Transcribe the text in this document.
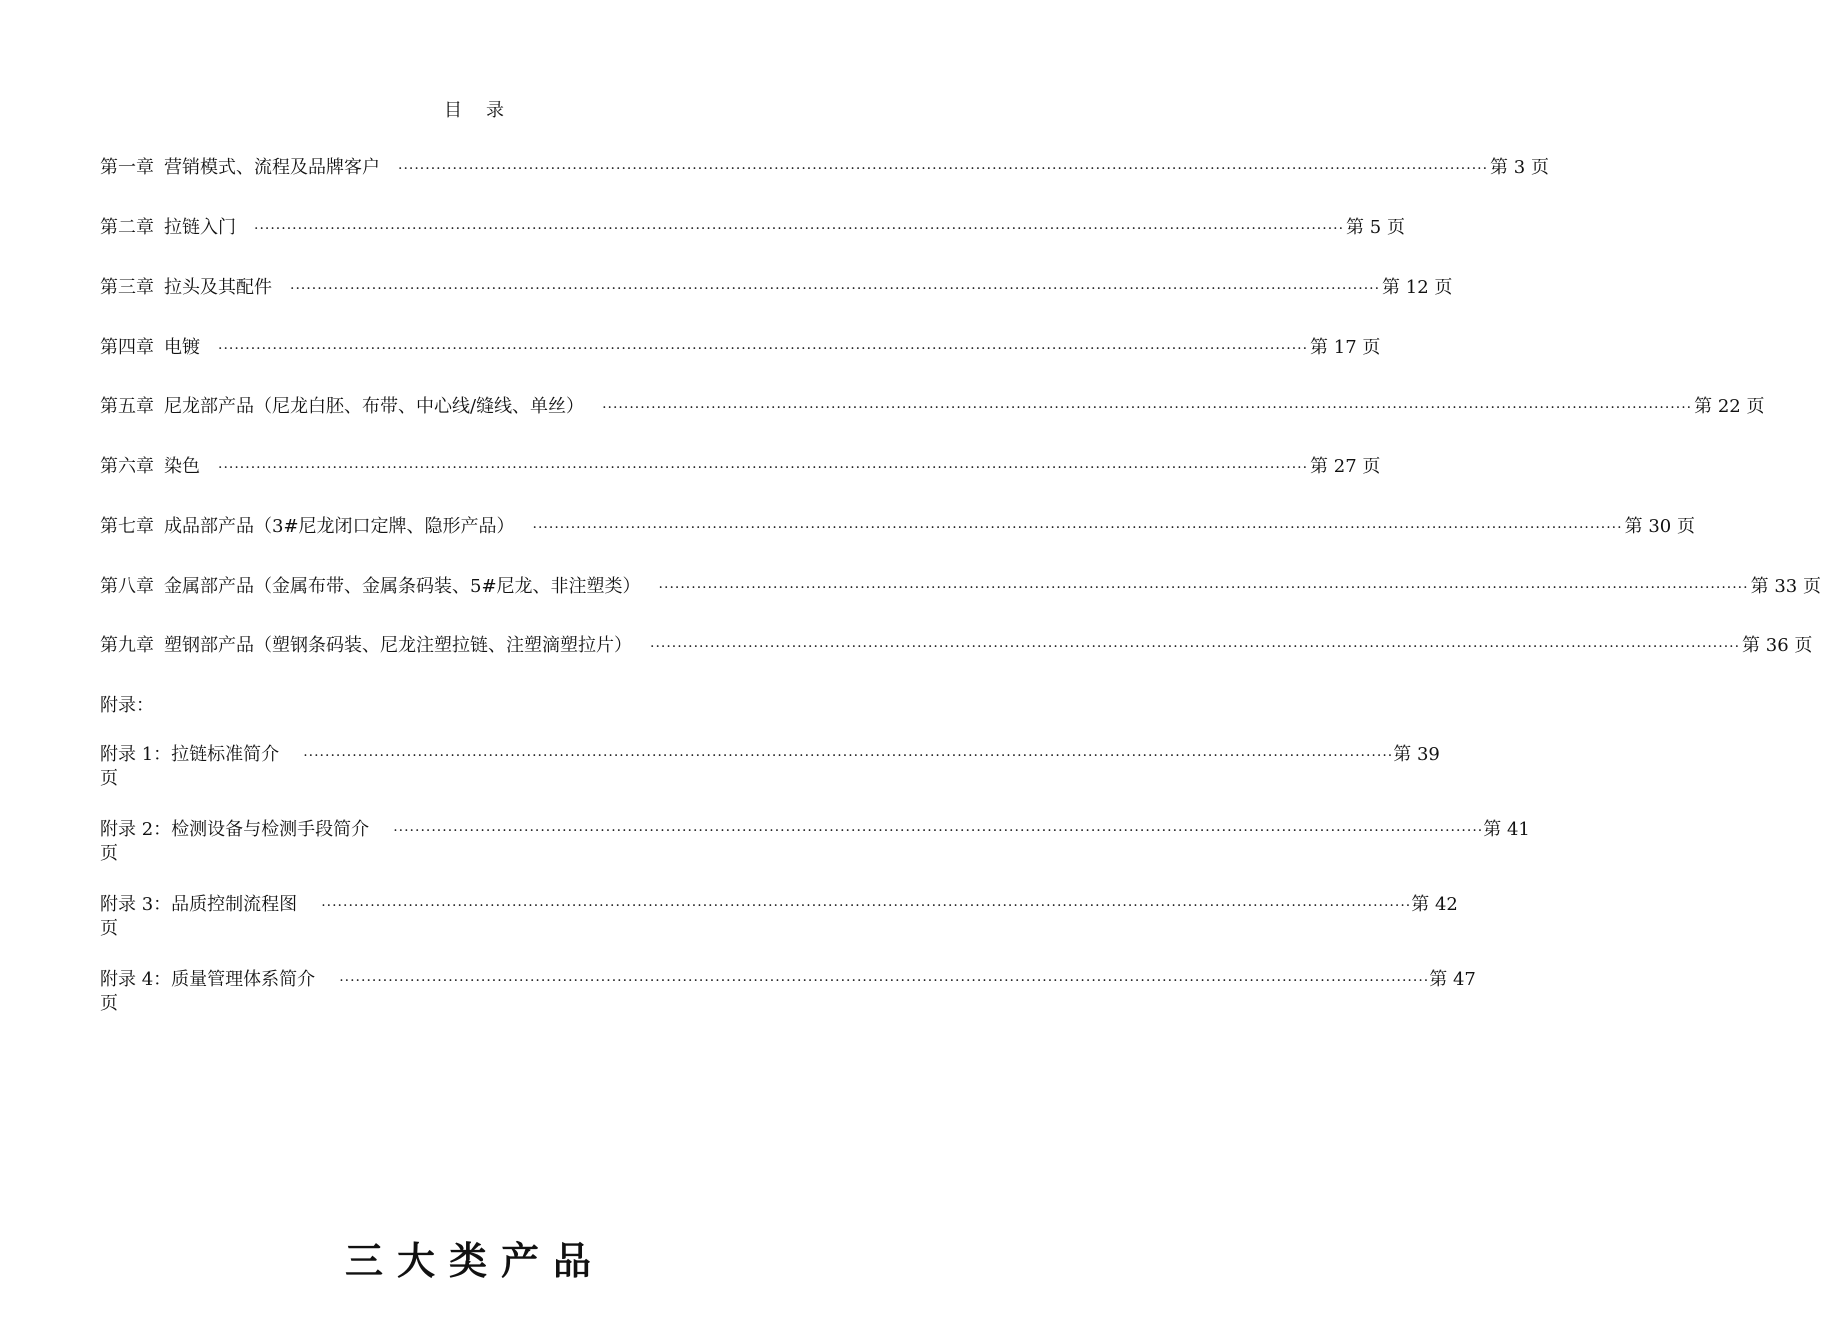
目 录
第一章 营销模式、流程及品牌客户 ········································································································································································································ 第 3 页
第二章 拉链入门 ········································································································································································································ 第 5 页
第三章 拉头及其配件 ········································································································································································································ 第 12 页
第四章 电镀 ········································································································································································································ 第 17 页
第五章 尼龙部产品（尼龙白胚、布带、中心线/缝线、单丝） ········································································································································································································ 第 22 页
第六章 染色 ········································································································································································································ 第 27 页
第七章 成品部产品（3#尼龙闭口定牌、隐形产品） ········································································································································································································ 第 30 页
第八章 金属部产品（金属布带、金属条码装、5#尼龙、非注塑类） ········································································································································································································ 第 33 页
第九章 塑钢部产品（塑钢条码装、尼龙注塑拉链、注塑滴塑拉片） ········································································································································································································ 第 36 页
附录：
附录 1：拉链标准简介 ········································································································································································································ 第 39
页
附录 2：检测设备与检测手段简介 ········································································································································································································ 第 41
页
附录 3：品质控制流程图 ········································································································································································································ 第 42
页
附录 4：质量管理体系简介 ········································································································································································································ 第 47
页
三大类产品
